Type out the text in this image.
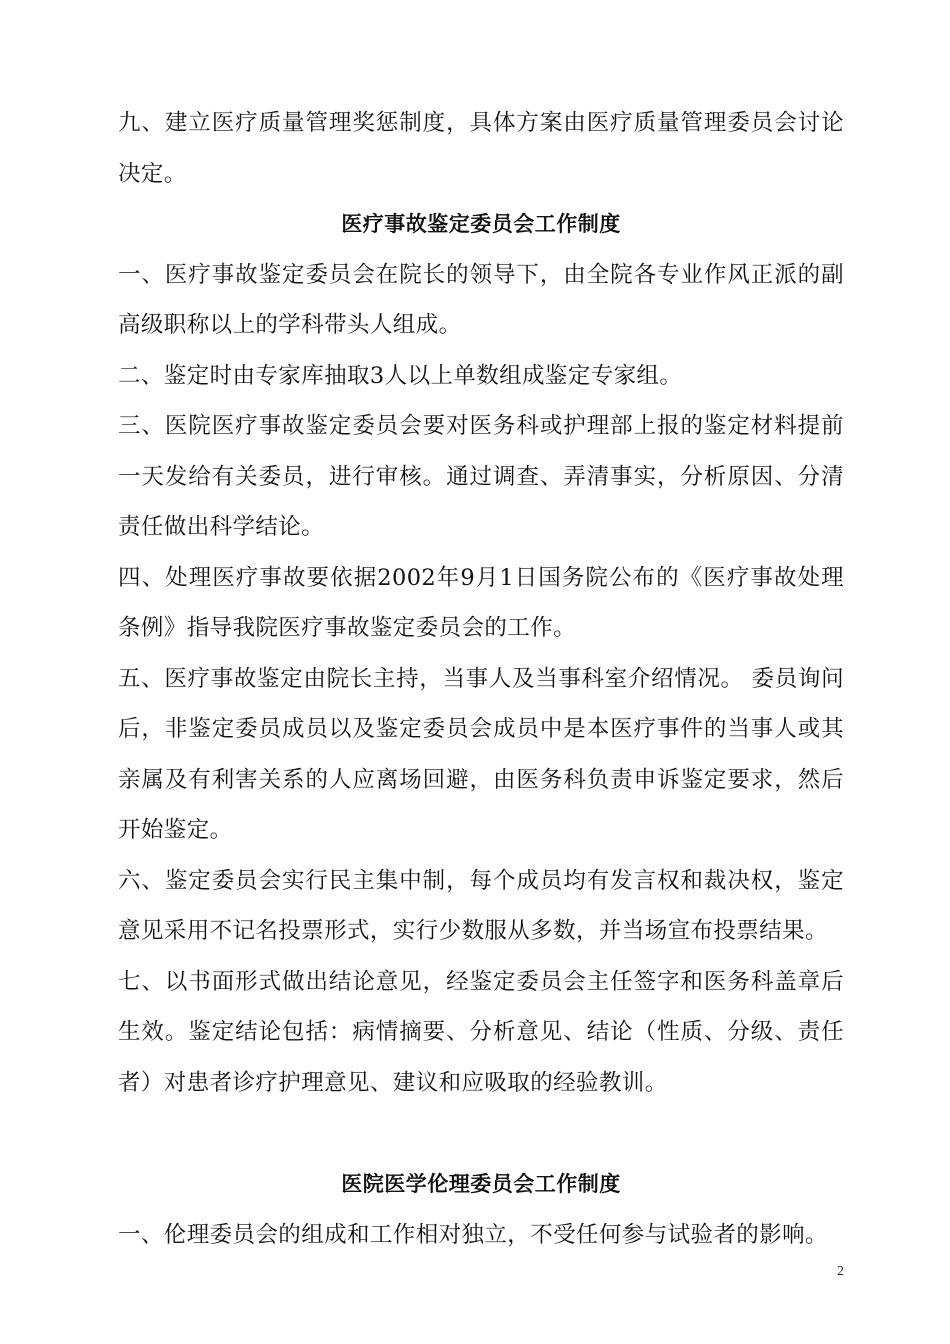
九、建立医疗质量管理奖惩制度，具体方案由医疗质量管理委员会讨论决定。

医疗事故鉴定委员会工作制度

一、医疗事故鉴定委员会在院长的领导下，由全院各专业作风正派的副高级职称以上的学科带头人组成。

二、鉴定时由专家库抽取3人以上单数组成鉴定专家组。

三、医院医疗事故鉴定委员会要对医务科或护理部上报的鉴定材料提前一天发给有关委员，进行审核。通过调查、弄清事实，分析原因、分清责任做出科学结论。

四、处理医疗事故要依据2002年9月1日国务院公布的《医疗事故处理条例》指导我院医疗事故鉴定委员会的工作。

五、医疗事故鉴定由院长主持，当事人及当事科室介绍情况。 委员询问后，非鉴定委员成员以及鉴定委员会成员中是本医疗事件的当事人或其亲属及有利害关系的人应离场回避，由医务科负责申诉鉴定要求，然后开始鉴定。

六、鉴定委员会实行民主集中制，每个成员均有发言权和裁决权，鉴定意见采用不记名投票形式，实行少数服从多数，并当场宣布投票结果。

七、以书面形式做出结论意见，经鉴定委员会主任签字和医务科盖章后生效。鉴定结论包括：病情摘要、分析意见、结论（性质、分级、责任者）对患者诊疗护理意见、建议和应吸取的经验教训。

医院医学伦理委员会工作制度

一、伦理委员会的组成和工作相对独立，不受任何参与试验者的影响。

2
